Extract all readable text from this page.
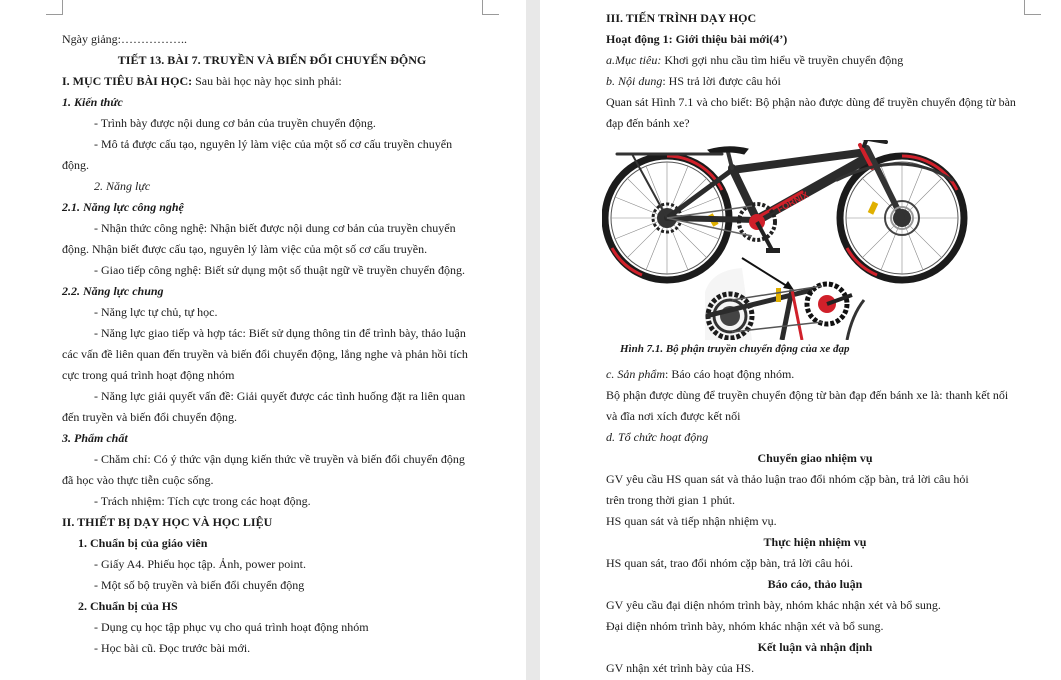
Ngày giảng:……………..
TIẾT 13. BÀI 7. TRUYỀN VÀ BIẾN ĐỔI CHUYỂN ĐỘNG
I. MỤC TIÊU BÀI HỌC: Sau bài học này học sinh phải:
1. Kiến thức
- Trình bày được nội dung cơ bản của truyền chuyển động.
- Mô tả được cấu tạo, nguyên lý làm việc của một số cơ cấu truyền chuyển
động.
2. Năng lực
2.1. Năng lực công nghệ
- Nhận thức công nghệ: Nhận biết được nội dung cơ bản của truyền chuyển
động. Nhận biết được cấu tạo, nguyên lý làm việc của một số cơ cấu truyền.
- Giao tiếp công nghệ: Biết sử dụng một số thuật ngữ về truyền chuyển động.
2.2. Năng lực chung
- Năng lực tự chủ, tự học.
- Năng lực giao tiếp và hợp tác: Biết sử dụng thông tin để trình bày, thảo luận
các vấn đề liên quan đến truyền và biến đổi chuyển động, lắng nghe và phản hồi tích
cực trong quá trình hoạt động nhóm
- Năng lực giải quyết vấn đề: Giải quyết được các tình huống đặt ra liên quan
đến truyền và biến đổi chuyển động.
3. Phẩm chất
- Chăm chỉ: Có ý thức vận dụng kiến thức về truyền và biến đổi chuyển động
đã học vào thực tiễn cuộc sống.
- Trách nhiệm: Tích cực trong các hoạt động.
II. THIẾT BỊ DẠY HỌC VÀ HỌC LIỆU
1. Chuẩn bị của giáo viên
- Giấy A4. Phiếu học tập. Ảnh, power point.
- Một số bộ truyền và biến đổi chuyển động
2. Chuẩn bị của HS
- Dụng cụ học tập phục vụ cho quá trình hoạt động nhóm
- Học bài cũ. Đọc trước bài mới.
III. TIẾN TRÌNH DẠY HỌC
Hoạt động 1: Giới thiệu bài mới(4’)
a.Mục tiêu: Khơi gợi nhu cầu tìm hiểu về truyền chuyển động
b. Nội dung: HS trả lời được câu hỏi
Quan sát Hình 7.1 và cho biết: Bộ phận nào được dùng để truyền chuyển động từ bàn
đạp đến bánh xe?
Hình 7.1. Bộ phận truyền chuyển động của xe đạp
c. Sản phẩm: Báo cáo hoạt động nhóm.
Bộ phận được dùng để truyền chuyển động từ bàn đạp đến bánh xe là: thanh kết nối
và đĩa nơi xích được kết nối
d. Tổ chức hoạt động
Chuyển giao nhiệm vụ
GV yêu cầu HS quan sát và thảo luận trao đổi nhóm cặp bàn, trả lời câu hỏi
trên trong thời gian 1 phút.
HS quan sát và tiếp nhận nhiệm vụ.
Thực hiện nhiệm vụ
HS quan sát, trao đổi nhóm cặp bàn, trả lời câu hỏi.
Báo cáo, thảo luận
GV yêu cầu đại diện nhóm trình bày, nhóm khác nhận xét và bổ sung.
Đại diện nhóm trình bày, nhóm khác nhận xét và bổ sung.
Kết luận và nhận định
GV nhận xét trình bày của HS.
FORNIX
